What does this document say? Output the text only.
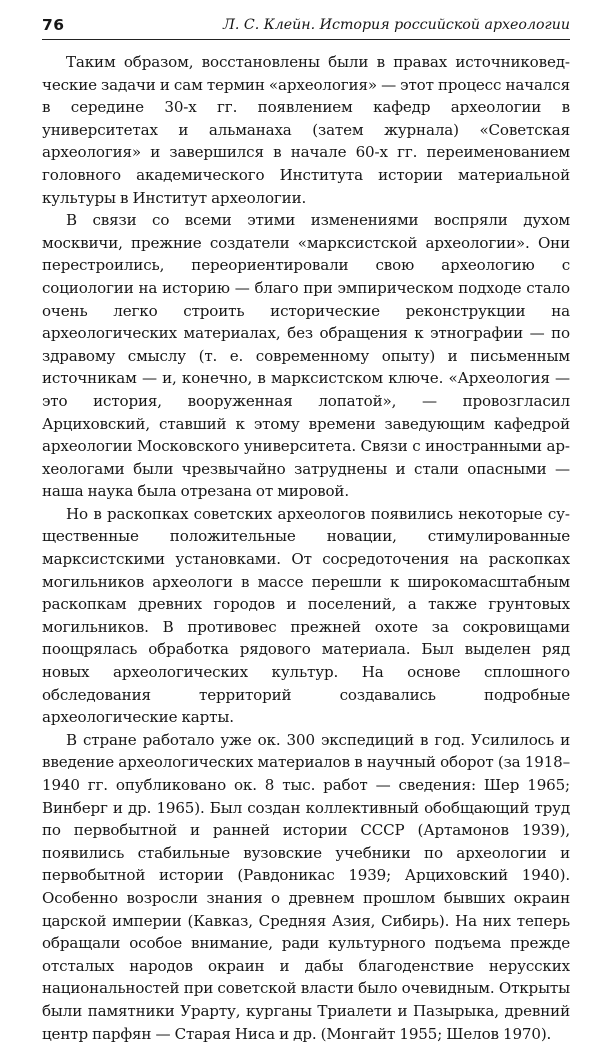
76	Л. С. Клейн. История российской археологии

Таким образом, восстановлены были в правах источниковедческие задачи и сам термин «археология» — этот процесс начался в середине 30-х гг. появлением кафедр археологии в университетах и альманаха (затем журнала) «Советская археология» и завершился в начале 60-х гг. переименованием головного академического Института истории материальной культуры в Институт археологии.

В связи со всеми этими изменениями воспряли духом москвичи, прежние создатели «марксистской археологии». Они перестроились, переориентировали свою археологию с социологии на историю — благо при эмпирическом подходе стало очень легко строить исторические реконструкции на археологических материалах, без обращения к этнографии — по здравому смыслу (т. е. современному опыту) и письменным источникам — и, конечно, в марксистском ключе. «Археология — это история, вооруженная лопатой», — провозгласил Арциховский, ставший к этому времени заведующим кафедрой археологии Московского университета. Связи с иностранными археологами были чрезвычайно затруднены и стали опасными — наша наука была отрезана от мировой.

Но в раскопках советских археологов появились некоторые существенные положительные новации, стимулированные марксистскими установками. От сосредоточения на раскопках могильников археологи в массе перешли к широкомасштабным раскопкам древних городов и поселений, а также грунтовых могильников. В противовес прежней охоте за сокровищами поощрялась обработка рядового материала. Был выделен ряд новых археологических культур. На основе сплошного обследования территорий создавались подробные археологические карты.

В стране работало уже ок. 300 экспедиций в год. Усилилось и введение археологических материалов в научный оборот (за 1918–1940 гг. опубликовано ок. 8 тыс. работ — сведения: Шер 1965; Винберг и др. 1965). Был создан коллективный обобщающий труд по первобытной и ранней истории СССР (Артамонов 1939), появились стабильные вузовские учебники по археологии и первобытной истории (Равдоникас 1939; Арциховский 1940). Особенно возросли знания о древнем прошлом бывших окраин царской империи (Кавказ, Средняя Азия, Сибирь). На них теперь обращали особое внимание, ради культурного подъема прежде отсталых народов окраин и дабы благоденствие нерусских национальностей при советской власти было очевидным. Открыты были памятники Урарту, курганы Триалети и Пазырыка, древний центр парфян — Старая Ниса и др. (Монгайт 1955; Шелов 1970).
